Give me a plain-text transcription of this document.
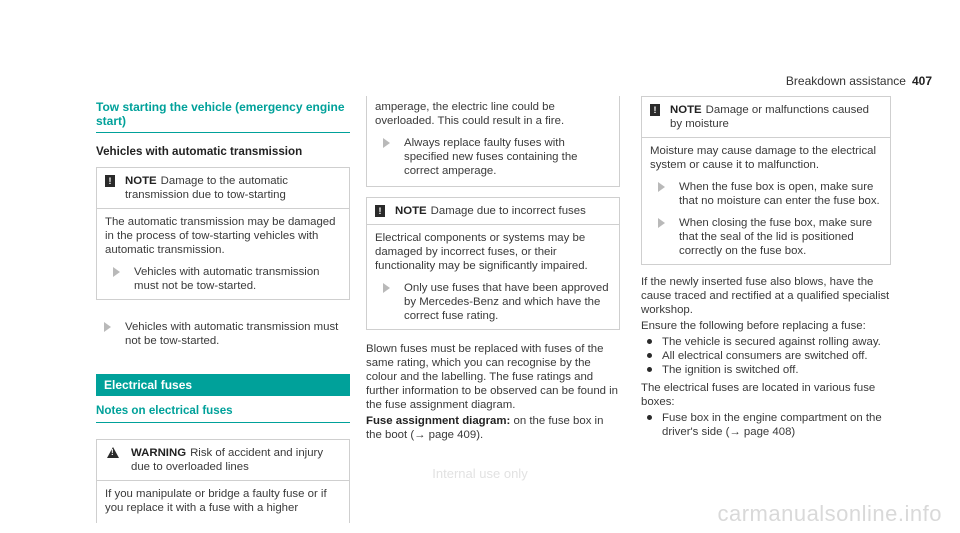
Breakdown assistance 407
Tow starting the vehicle (emergency engine start)
Vehicles with automatic transmission
!	NOTE Damage to the automatic transmission due to tow-starting

The automatic transmission may be damaged in the process of tow-starting vehicles with automatic transmission.

Vehicles with automatic transmission must not be tow-started.
Vehicles with automatic transmission must not be tow-started.
Electrical fuses
Notes on electrical fuses
! WARNING Risk of accident and injury due to overloaded lines

If you manipulate or bridge a faulty fuse or if you replace it with a fuse with a higher

amperage, the electric line could be overloaded. This could result in a fire.

Always replace faulty fuses with specified new fuses containing the correct amperage.
!	NOTE Damage due to incorrect fuses

Electrical components or systems may be damaged by incorrect fuses, or their functionality may be significantly impaired.

Only use fuses that have been approved by Mercedes-Benz and which have the correct fuse rating.

Blown fuses must be replaced with fuses of the same rating, which you can recognise by the colour and the labelling. The fuse ratings and further information to be observed can be found in the fuse assignment diagram.

Fuse assignment diagram: on the fuse box in the boot (→ page 409).

!	NOTE Damage or malfunctions caused by moisture

Moisture may cause damage to the electrical system or cause it to malfunction.

When the fuse box is open, make sure that no moisture can enter the fuse box.
When closing the fuse box, make sure that the seal of the lid is positioned correctly on the fuse box.

If the newly inserted fuse also blows, have the cause traced and rectified at a qualified specialist workshop.

Ensure the following before replacing a fuse:

The vehicle is secured against rolling away.
All electrical consumers are switched off.
The ignition is switched off.

The electrical fuses are located in various fuse boxes:

Fuse box in the engine compartment on the driver's side (→ page 408)
Internal use only
carmanualsonline.info
